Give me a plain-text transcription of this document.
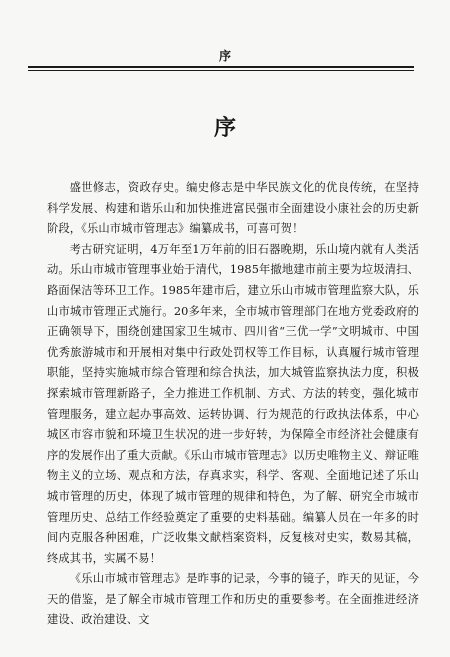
序
序

盛世修志，资政存史。编史修志是中华民族文化的优良传统，在坚持科学发展、构建和谐乐山和加快推进富民强市全面建设小康社会的历史新阶段，《乐山市城市管理志》编纂成书，可喜可贺！

考古研究证明，4万年至1万年前的旧石器晚期，乐山境内就有人类活动。乐山市城市管理事业始于清代，1985年撤地建市前主要为垃圾清扫、路面保洁等环卫工作。1985年建市后，建立乐山市城市管理监察大队，乐山市城市管理正式施行。20多年来，全市城市管理部门在地方党委政府的正确领导下，围绕创建国家卫生城市、四川省“三优一学”文明城市、中国优秀旅游城市和开展相对集中行政处罚权等工作目标，认真履行城市管理职能，坚持实施城市综合管理和综合执法，加大城管监察执法力度，积极探索城市管理新路子，全力推进工作机制、方式、方法的转变，强化城市管理服务，建立起办事高效、运转协调、行为规范的行政执法体系，中心城区市容市貌和环境卫生状况的进一步好转，为保障全市经济社会健康有序的发展作出了重大贡献。《乐山市城市管理志》以历史唯物主义、辩证唯物主义的立场、观点和方法，存真求实，科学、客观、全面地记述了乐山城市管理的历史，体现了城市管理的规律和特色，为了解、研究全市城市管理历史、总结工作经验奠定了重要的史料基础。编纂人员在一年多的时间内克服各种困难，广泛收集文献档案资料，反复核对史实，数易其稿，终成其书，实属不易！

《乐山市城市管理志》是昨事的记录，今事的镜子，昨天的见证，今天的借鉴，是了解全市城市管理工作和历史的重要参考。在全面推进经济建设、政治建设、文
